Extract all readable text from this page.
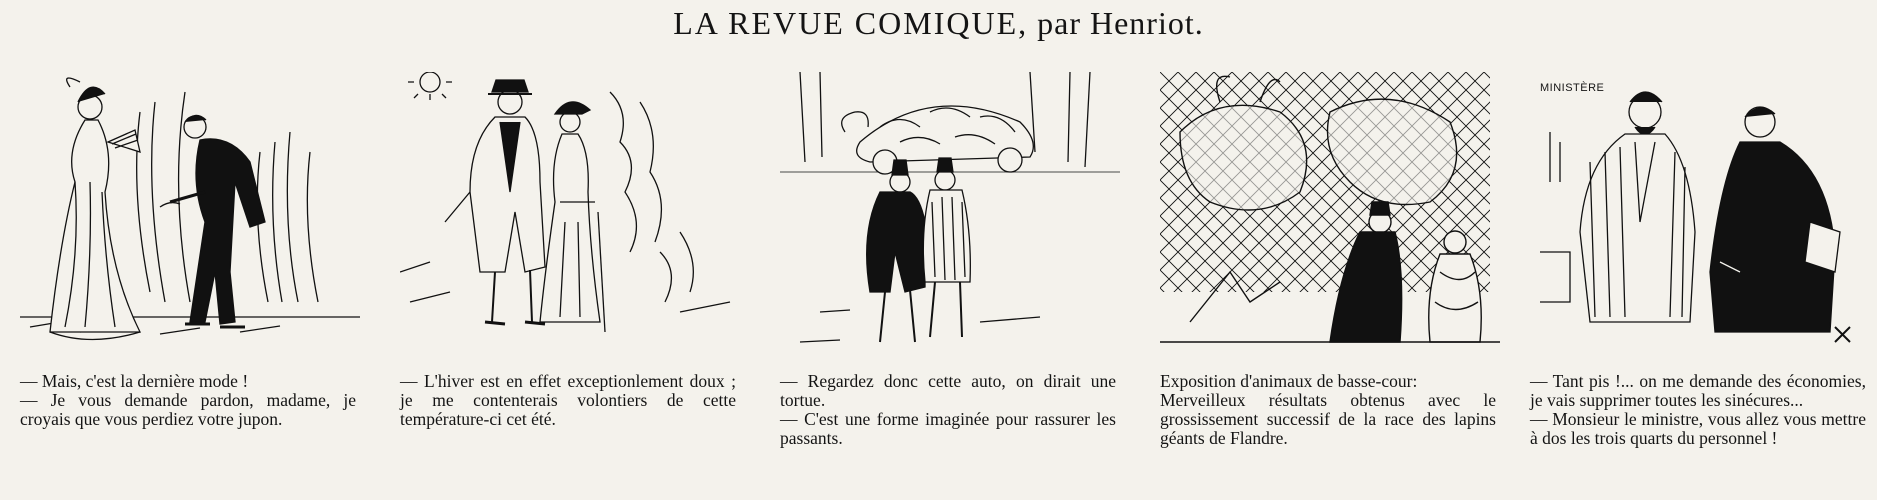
LA REVUE COMIQUE, par Henriot.

— Mais, c'est la dernière mode !

— Je vous demande pardon, madame, je croyais que vous perdiez votre jupon.

— L'hiver est en effet exceptionlement doux ; je me contenterais volontiers de cette température-ci cet été.

— Regardez donc cette auto, on dirait une tortue.

— C'est une forme imaginée pour rassurer les passants.

Exposition d'animaux de basse-cour:

Merveilleux résultats obtenus avec le grossissement successif de la race des lapins géants de Flandre.

MINISTÈRE

— Tant pis !... on me demande des économies, je vais supprimer toutes les sinécures...

— Monsieur le ministre, vous allez vous mettre à dos les trois quarts du personnel !
